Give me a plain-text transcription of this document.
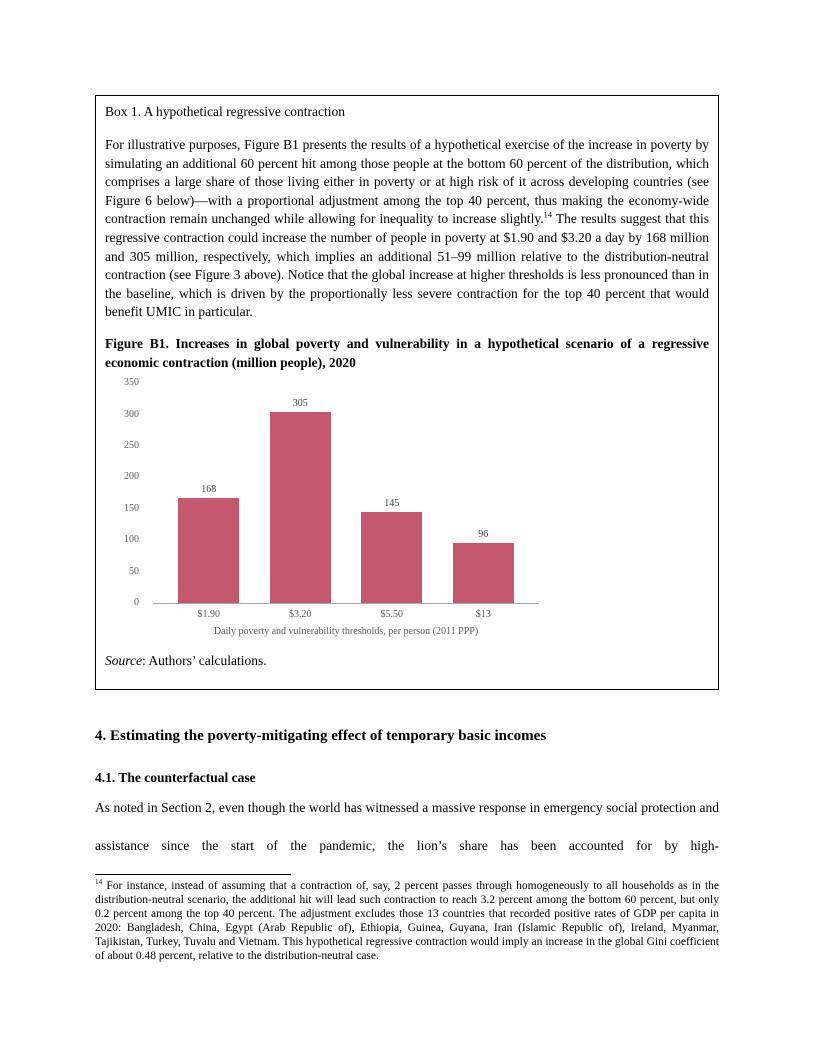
Box 1. A hypothetical regressive contraction

For illustrative purposes, Figure B1 presents the results of a hypothetical exercise of the increase in poverty by simulating an additional 60 percent hit among those people at the bottom 60 percent of the distribution, which comprises a large share of those living either in poverty or at high risk of it across developing countries (see Figure 6 below)—with a proportional adjustment among the top 40 percent, thus making the economy-wide contraction remain unchanged while allowing for inequality to increase slightly.$^{14}$ The results suggest that this regressive contraction could increase the number of people in poverty at $1.90 and $3.20 a day by 168 million and 305 million, respectively, which implies an additional 51–99 million relative to the distribution-neutral contraction (see Figure 3 above). Notice that the global increase at higher thresholds is less pronounced than in the baseline, which is driven by the proportionally less severe contraction for the top 40 percent that would benefit UMIC in particular.

Figure B1. Increases in global poverty and vulnerability in a hypothetical scenario of a regressive economic contraction (million people), 2020
0
50
100
150
200
250
300
350
168
305
145
96
$1.90	$3.20	$5.50	$13
Daily poverty and vulnerability thresholds, per person (2011 PPP)

Source: Authors’ calculations.

4. Estimating the poverty-mitigating effect of temporary basic incomes
4.1. The counterfactual case

As noted in Section 2, even though the world has witnessed a massive response in emergency social protection and assistance since the start of the pandemic, the lion’s share has been accounted for by high-

$^{14}$ For instance, instead of assuming that a contraction of, say, 2 percent passes through homogeneously to all households as in the distribution-neutral scenario, the additional hit will lead such contraction to reach 3.2 percent among the bottom 60 percent, but only 0.2 percent among the top 40 percent. The adjustment excludes those 13 countries that recorded positive rates of GDP per capita in 2020: Bangladesh, China, Egypt (Arab Republic of), Ethiopia, Guinea, Guyana, Iran (Islamic Republic of), Ireland, Myanmar, Tajikistan, Turkey, Tuvalu and Vietnam. This hypothetical regressive contraction would imply an increase in the global Gini coefficient of about 0.48 percent, relative to the distribution-neutral case.
